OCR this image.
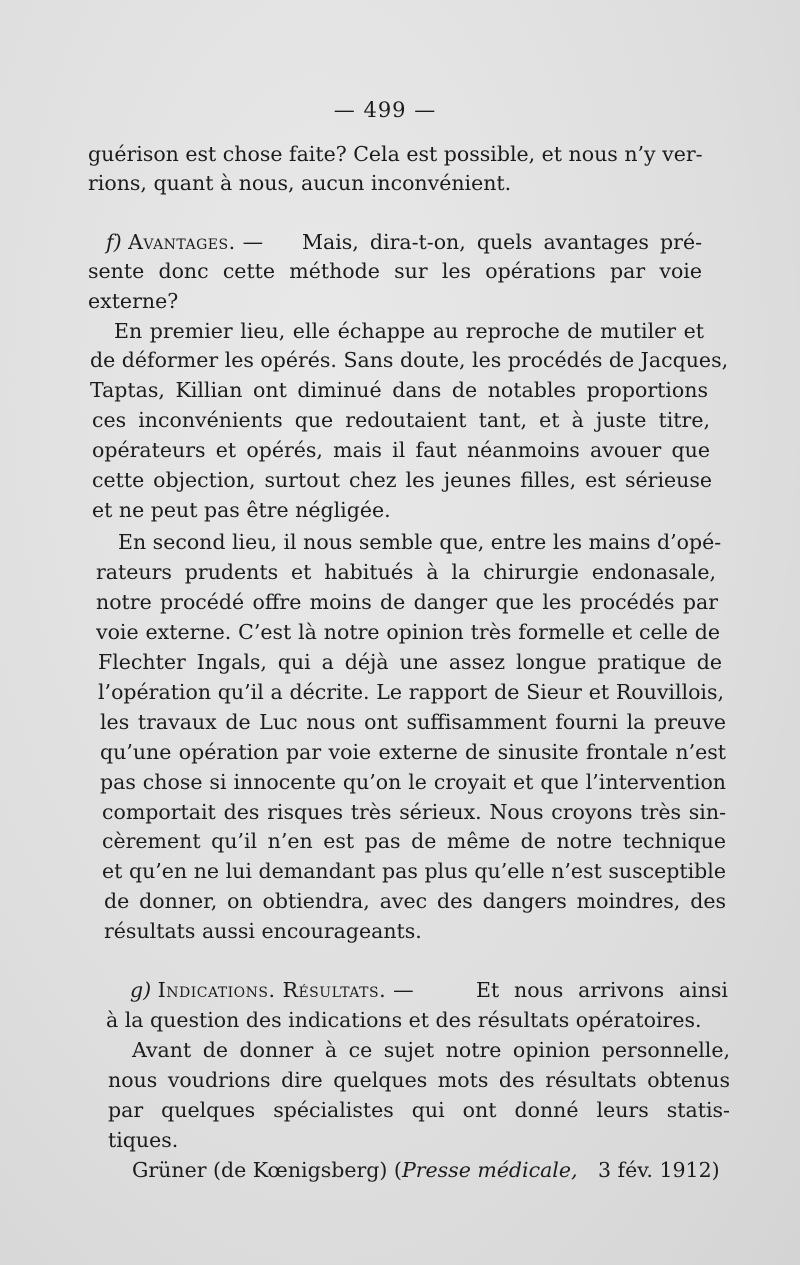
— 499 —
guérison est chose faite? Cela est possible, et nous n’y ver-
rions, quant à nous, aucun inconvénient.
f) Avantages. — Mais, dira-t-on, quels avantages pré-
sente donc cette méthode sur les opérations par voie
externe?
En premier lieu, elle échappe au reproche de mutiler et
de déformer les opérés. Sans doute, les procédés de Jacques,
Taptas, Killian ont diminué dans de notables proportions
ces inconvénients que redoutaient tant, et à juste titre,
opérateurs et opérés, mais il faut néanmoins avouer que
cette objection, surtout chez les jeunes filles, est sérieuse
et ne peut pas être négligée.
En second lieu, il nous semble que, entre les mains d’opé-
rateurs prudents et habitués à la chirurgie endonasale,
notre procédé offre moins de danger que les procédés par
voie externe. C’est là notre opinion très formelle et celle de
Flechter Ingals, qui a déjà une assez longue pratique de
l’opération qu’il a décrite. Le rapport de Sieur et Rouvillois,
les travaux de Luc nous ont suffisamment fourni la preuve
qu’une opération par voie externe de sinusite frontale n’est
pas chose si innocente qu’on le croyait et que l’intervention
comportait des risques très sérieux. Nous croyons très sin-
cèrement qu’il n’en est pas de même de notre technique
et qu’en ne lui demandant pas plus qu’elle n’est susceptible
de donner, on obtiendra, avec des dangers moindres, des
résultats aussi encourageants.
g) Indications. Résultats. —	Et nous arrivons ainsi
à la question des indications et des résultats opératoires.
Avant de donner à ce sujet notre opinion personnelle,
nous voudrions dire quelques mots des résultats obtenus
par quelques spécialistes qui ont donné leurs statis-
tiques.
Grüner (de Kœnigsberg) (Presse médicale, 3 fév. 1912)
